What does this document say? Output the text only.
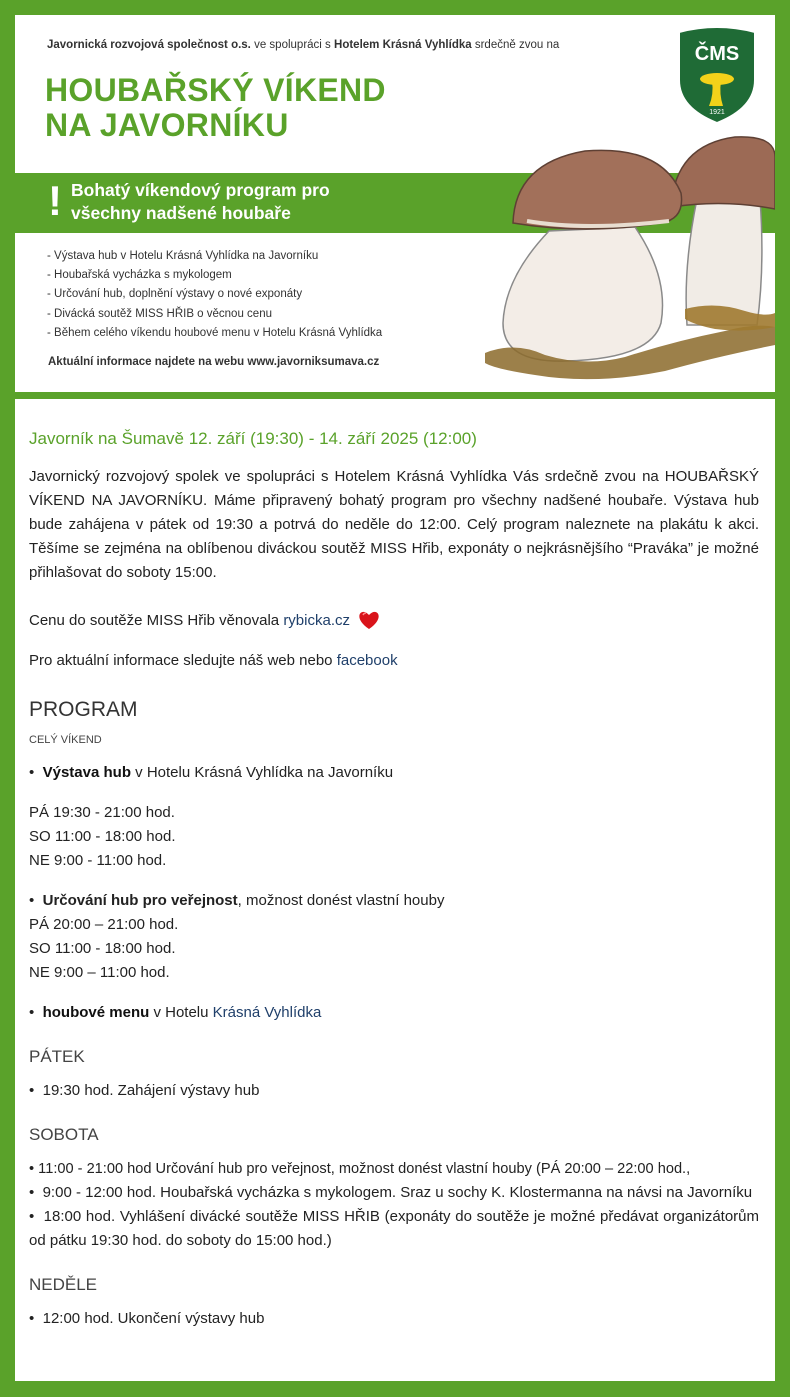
Javornická rozvojová společnost o.s. ve spolupráci s Hotelem Krásná Vyhlídka srdečně zvou na
HOUBAŘSKÝ VÍKEND
NA JAVORNÍKU
ČMS
1921
! Bohatý víkendový program pro
všechny nadšené houbaře
- Výstava hub v Hotelu Krásná Vyhlídka na Javorníku
- Houbařská vycházka s mykologem
- Určování hub, doplnění výstavy o nové exponáty
- Divácká soutěž MISS HŘIB o věcnou cenu
- Během celého víkendu houbové menu v Hotelu Krásná Vyhlídka
Aktuální informace najdete na webu www.javorniksumava.cz
Javorník na Šumavě 12. září (19:30) - 14. září 2025 (12:00)

Javornický rozvojový spolek ve spolupráci s Hotelem Krásná Vyhlídka Vás srdečně zvou na HOUBAŘSKÝ VÍKEND NA JAVORNÍKU. Máme připravený bohatý program pro všechny nadšené houbaře. Výstava hub bude zahájena v pátek od 19:30 a potrvá do neděle do 12:00. Celý program naleznete na plakátu k akci. Těšíme se zejména na oblíbenou diváckou soutěž MISS Hřib, exponáty o nejkrásnějšího “Praváka” je možné přihlašovat do soboty 15:00.

Cenu do soutěže MISS Hřib věnovala rybicka.cz

Pro aktuální informace sledujte náš web nebo facebook

PROGRAM
CELÝ VÍKEND

• Výstava hub v Hotelu Krásná Vyhlídka na Javorníku

PÁ 19:30 - 21:00 hod.
SO 11:00 - 18:00 hod.
NE 9:00 - 11:00 hod.
• Určování hub pro veřejnost, možnost donést vlastní houby
PÁ 20:00 – 21:00 hod.
SO 11:00 - 18:00 hod.
NE 9:00 – 11:00 hod.

• houbové menu v Hotelu Krásná Vyhlídka

PÁTEK

• 19:30 hod. Zahájení výstavy hub

SOBOTA
• 11:00 - 21:00 hod Určování hub pro veřejnost, možnost donést vlastní houby (PÁ 20:00 – 22:00 hod.,
•  9:00 - 12:00 hod. Houbařská vycházka s mykologem. Sraz u sochy K. Klostermanna na návsi na Javorníku
•  18:00 hod. Vyhlášení divácké soutěže MISS HŘIB (exponáty do soutěže je možné předávat organizátorům od pátku 19:30 hod. do soboty do 15:00 hod.)
NEDĚLE

• 12:00 hod. Ukončení výstavy hub
